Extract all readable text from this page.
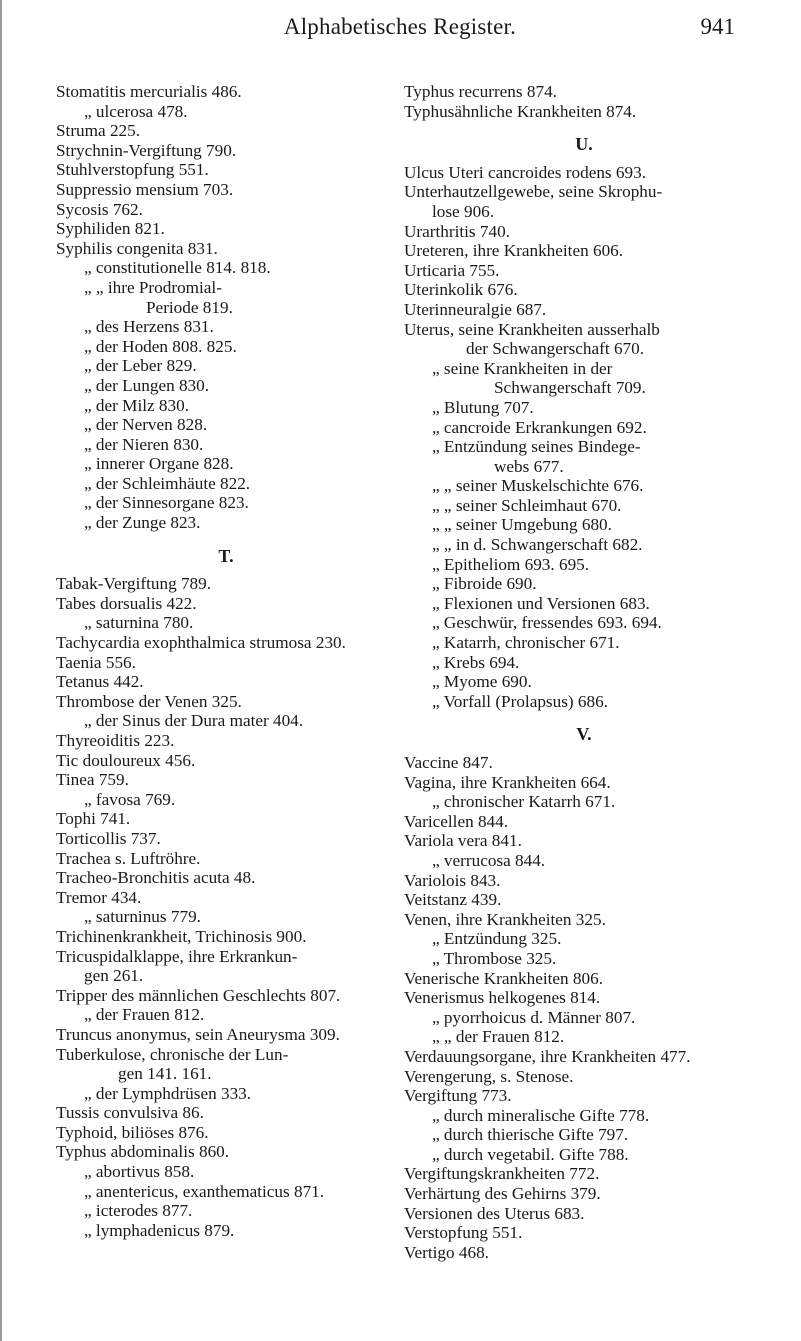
Alphabetisches Register.	941
Stomatitis mercurialis 486.
„ ulcerosa 478.
Struma 225.
Strychnin-Vergiftung 790.
Stuhlverstopfung 551.
Suppressio mensium 703.
Sycosis 762.
Syphiliden 821.
Syphilis congenita 831.
„ constitutionelle 814. 818.
„ „ ihre Prodromial-
Periode 819.
„ des Herzens 831.
„ der Hoden 808. 825.
„ der Leber 829.
„ der Lungen 830.
„ der Milz 830.
„ der Nerven 828.
„ der Nieren 830.
„ innerer Organe 828.
„ der Schleimhäute 822.
„ der Sinnesorgane 823.
„ der Zunge 823.
T.
Tabak-Vergiftung 789.
Tabes dorsualis 422.
„ saturnina 780.
Tachycardia exophthalmica strumosa 230.
Taenia 556.
Tetanus 442.
Thrombose der Venen 325.
„ der Sinus der Dura mater 404.
Thyreoiditis 223.
Tic douloureux 456.
Tinea 759.
„ favosa 769.
Tophi 741.
Torticollis 737.
Trachea s. Luftröhre.
Tracheo-Bronchitis acuta 48.
Tremor 434.
„ saturninus 779.
Trichinenkrankheit, Trichinosis 900.
Tricuspidalklappe, ihre Erkrankun-
gen 261.
Tripper des männlichen Geschlechts 807.
„ der Frauen 812.
Truncus anonymus, sein Aneurysma 309.
Tuberkulose, chronische der Lun-
gen 141. 161.
„ der Lymphdrüsen 333.
Tussis convulsiva 86.
Typhoid, biliöses 876.
Typhus abdominalis 860.
„ abortivus 858.
„ anentericus, exanthematicus 871.
„ icterodes 877.
„ lymphadenicus 879.
Typhus recurrens 874.
Typhusähnliche Krankheiten 874.
U.
Ulcus Uteri cancroides rodens 693.
Unterhautzellgewebe, seine Skrophu-
lose 906.
Urarthritis 740.
Ureteren, ihre Krankheiten 606.
Urticaria 755.
Uterinkolik 676.
Uterinneuralgie 687.
Uterus, seine Krankheiten ausserhalb
der Schwangerschaft 670.
„ seine Krankheiten in der
Schwangerschaft 709.
„ Blutung 707.
„ cancroide Erkrankungen 692.
„ Entzündung seines Bindege-
webs 677.
„ „ seiner Muskelschichte 676.
„ „ seiner Schleimhaut 670.
„ „ seiner Umgebung 680.
„ „ in d. Schwangerschaft 682.
„ Epitheliom 693. 695.
„ Fibroide 690.
„ Flexionen und Versionen 683.
„ Geschwür, fressendes 693. 694.
„ Katarrh, chronischer 671.
„ Krebs 694.
„ Myome 690.
„ Vorfall (Prolapsus) 686.
V.
Vaccine 847.
Vagina, ihre Krankheiten 664.
„ chronischer Katarrh 671.
Varicellen 844.
Variola vera 841.
„ verrucosa 844.
Variolois 843.
Veitstanz 439.
Venen, ihre Krankheiten 325.
„ Entzündung 325.
„ Thrombose 325.
Venerische Krankheiten 806.
Venerismus helkogenes 814.
„ pyorrhoicus d. Männer 807.
„ „ der Frauen 812.
Verdauungsorgane, ihre Krankheiten 477.
Verengerung, s. Stenose.
Vergiftung 773.
„ durch mineralische Gifte 778.
„ durch thierische Gifte 797.
„ durch vegetabil. Gifte 788.
Vergiftungskrankheiten 772.
Verhärtung des Gehirns 379.
Versionen des Uterus 683.
Verstopfung 551.
Vertigo 468.
